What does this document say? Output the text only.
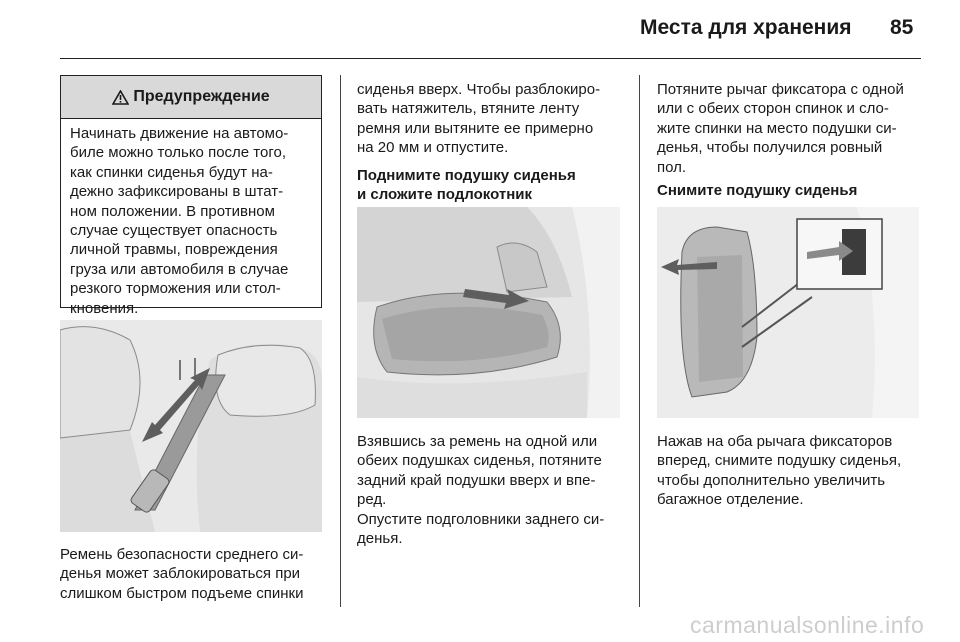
Места для хранения 85
Предупреждение
Начинать движение на автомо-
биле можно только после того,
как спинки сиденья будут на-
дежно зафиксированы в штат-
ном положении. В противном
случае существует опасность
личной травмы, повреждения
груза или автомобиля в случае
резкого торможения или стол-
кновения.
Ремень безопасности среднего си-
денья может заблокироваться при
слишком быстром подъеме спинки
сиденья вверх. Чтобы разблокиро-
вать натяжитель, втяните ленту
ремня или вытяните ее примерно
на 20 мм и отпустите.
Поднимите подушку сиденья
и сложите подлокотник
Взявшись за ремень на одной или
обеих подушках сиденья, потяните
задний край подушки вверх и впе-
ред.
Опустите подголовники заднего си-
денья.
Потяните рычаг фиксатора с одной
или с обеих сторон спинок и сло-
жите спинки на место подушки си-
денья, чтобы получился ровный
пол.
Снимите подушку сиденья
Нажав на оба рычага фиксаторов
вперед, снимите подушку сиденья,
чтобы дополнительно увеличить
багажное отделение.
carmanualsonline.info
